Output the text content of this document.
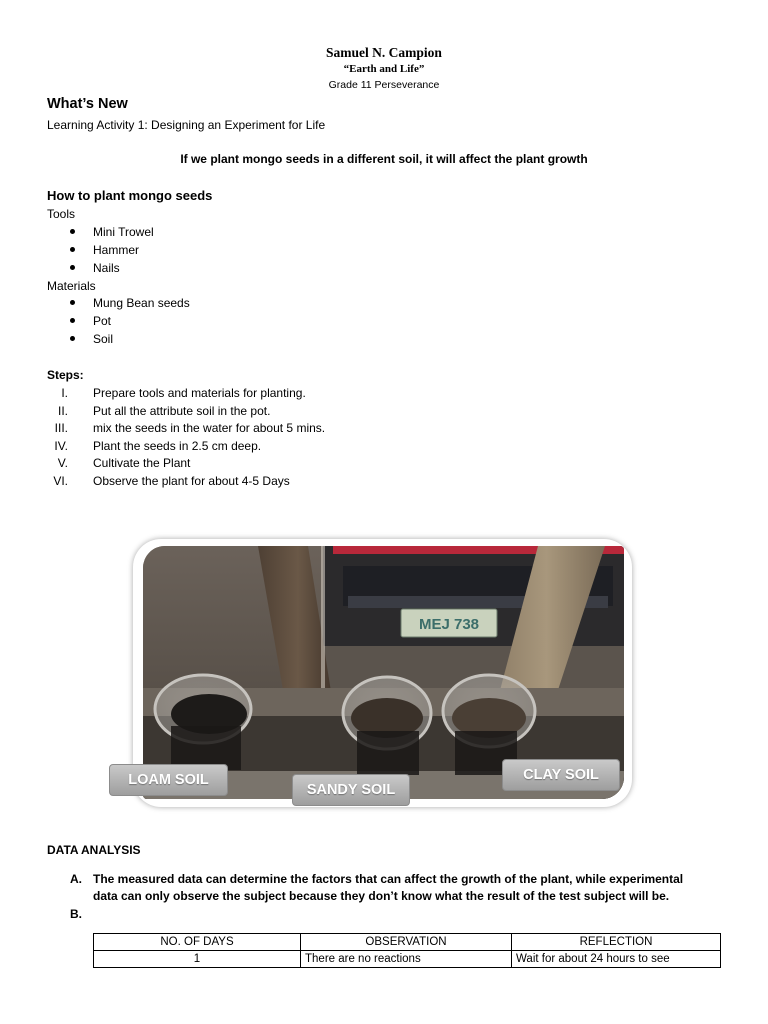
Samuel N. Campion
“Earth and Life”
Grade 11 Perseverance
What’s New
Learning Activity 1: Designing an Experiment for Life
If we plant mongo seeds in a different soil, it will affect the plant growth
How to plant mongo seeds
Tools
Mini Trowel
Hammer
Nails
Materials
Mung Bean seeds
Pot
Soil
Steps:
I. Prepare tools and materials for planting.
II. Put all the attribute soil in the pot.
III. mix the seeds in the water for about 5 mins.
IV. Plant the seeds in 2.5 cm deep.
V. Cultivate the Plant
VI. Observe the plant for about 4-5 Days
MEJ 738
LOAM SOIL
SANDY SOIL
CLAY SOIL
DATA ANALYSIS
A. The measured data can determine the factors that can affect the growth of the plant, while experimental
data can only observe the subject because they don’t know what the result of the test subject will be.
B.
NO. OF DAYS	OBSERVATION	REFLECTION
1	There are no reactions	Wait for about 24 hours to see
